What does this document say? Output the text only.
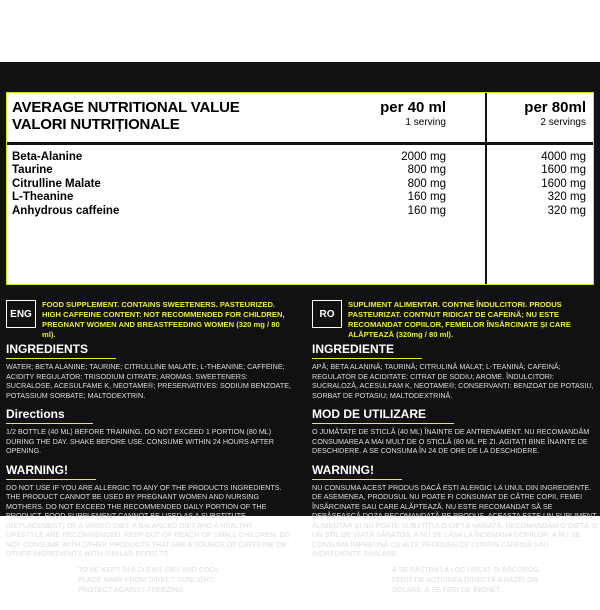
AVERAGE NUTRITIONAL VALUE
VALORI NUTRIȚIONALE
per 40 ml
1 serving
per 80ml
2 servings
Beta-Alanine	2000 mg	4000 mg
Taurine	800 mg	1600 mg
Citrulline Malate	800 mg	1600 mg
L-Theanine	160 mg	320 mg
Anhydrous caffeine	160 mg	320 mg
ENG
FOOD SUPPLEMENT. CONTAINS SWEETENERS. PASTEURIZED. HIGH CAFFEINE CONTENT: NOT RECOMMENDED FOR CHILDREN, PREGNANT WOMEN AND BREASTFEEDING WOMEN (320 mg / 80 ml).
INGREDIENTS
WATER; BETA ALANINE; TAURINE; CITRULLINE MALATE; L-THEANINE; CAFFEINE; ACIDITY REGULATOR: TRISODIUM CITRATE; AROMAS. SWEETENERS: SUCRALOSE, ACESULFAME K, NEOTAME®; PRESERVATIVES: SODIUM BENZOATE, POTASSIUM SORBATE; MALTODEXTRIN.
Directions
1/2 BOTTLE (40 ML) BEFORE TRAINING. DO NOT EXCEED 1 PORTION (80 ML) DURING THE DAY. SHAKE BEFORE USE. CONSUME WITHIN 24 HOURS AFTER OPENING.
WARNING!
DO NOT USE IF YOU ARE ALLERGIC TO ANY OF THE PRODUCTS INGREDIENTS. THE PRODUCT CANNOT BE USED BY PREGNANT WOMEN AND NURSING MOTHERS. DO NOT EXCEED THE RECOMMENDED DAILY PORTION OF THE PRODUCT. FOOD SUPPLEMENT CANNOT BE USED AS A SUBSTITUTE (REPLACEMENT) OF A VARIED DIET. A BALANCED DIET AND A HEALTHY LIFESTYLE ARE RECOMMENDED. KEEP OUT OF REACH OF SMALL CHILDREN. DO NOT CONSUME WITH OTHER PRODUCTS THAT ARE A SOURCE OF CAFFEINE OR OTHER INGREDIENTS WITH SIMILAR EFFECTS.
STORAGE CONDITIONS
TO BE KEPT IN A CLEAN, DRY AND COOL PLACE AWAY FROM DIRECT SUNLIGHT. PROTECT AGAINST FREEZING.
RO
SUPLIMENT ALIMENTAR. CONTNE ÎNDULCITORI. PRODUS PASTEURIZAT. CONTNUT RIDICAT DE CAFEINĂ; NU ESTE RECOMANDAT COPIILOR, FEMEILOR ÎNSĂRCINATE ȘI CARE ALĂPTEAZĂ (320mg / 80 ml).
INGREDIENTE
APĂ; BETA ALANINĂ; TAURINĂ; CITRULINĂ MALAT; L-TEANINĂ; CAFEINĂ; REGULATOR DE ACIDITATE: CITRAT DE SODIU; AROME. ÎNDULCITORI: SUCRALOZĂ, ACESULFAM K, NEOTAME®; CONSERVANȚI: BENZOAT DE POTASIU, SORBAT DE POTASIU; MALTODEXTRINĂ.
MOD DE UTILIZARE
O JUMĂTATE DE STICLĂ (40 ML) ÎNAINTE DE ANTRENAMENT. NU RECOMANDĂM CONSUMAREA A MAI MULT DE O STICLĂ (80 ML PE ZI. AGITAȚI BINE ÎNAINTE DE DESCHIDERE. A SE CONSUMA ÎN 24 DE ORE DE LA DESCHIDERE.
WARNING!
NU CONSUMA ACEST PRODUS DACĂ EȘTI ALERGIC LA UNUL DIN INGREDIENTE. DE ASEMENEA, PRODUSUL NU POATE FI CONSUMAT DE CĂTRE COPII, FEMEI ÎNSĂRCINATE SAU CARE ALĂPTEAZĂ. NU ESTE RECOMANDAT SĂ SE DEPĂȘEASCĂ DOZA RECOMANDATĂ PE PRODUS. ACEASTA ESTE UN SUPLIMENT ALIMENTAR ȘI NU POATE SUBSTITUI O DIETĂ VARIATĂ. RECOMANDĂM O DIETĂ ȘI UN STIL DE VIAȚĂ SĂNĂTOS. A NU SE LĂSA LA ÎNDEMANA COPIILOR. A NU SE CONSUMA ÎMPREUNĂ CU ALTE PRODUSE CE CONTIN CAFEINĂ SAU INGREDIENTE SIMILARE.
CONDIȚII DE DEPOZITARE
A SE PĂSTRA LA LOC USCAT ȘI RĂCOROS, FERIT DE ACȚIUNEA DIRECTĂ A RAZELOR SOLARE. A SE FERI DE ÎNGHEȚ.
